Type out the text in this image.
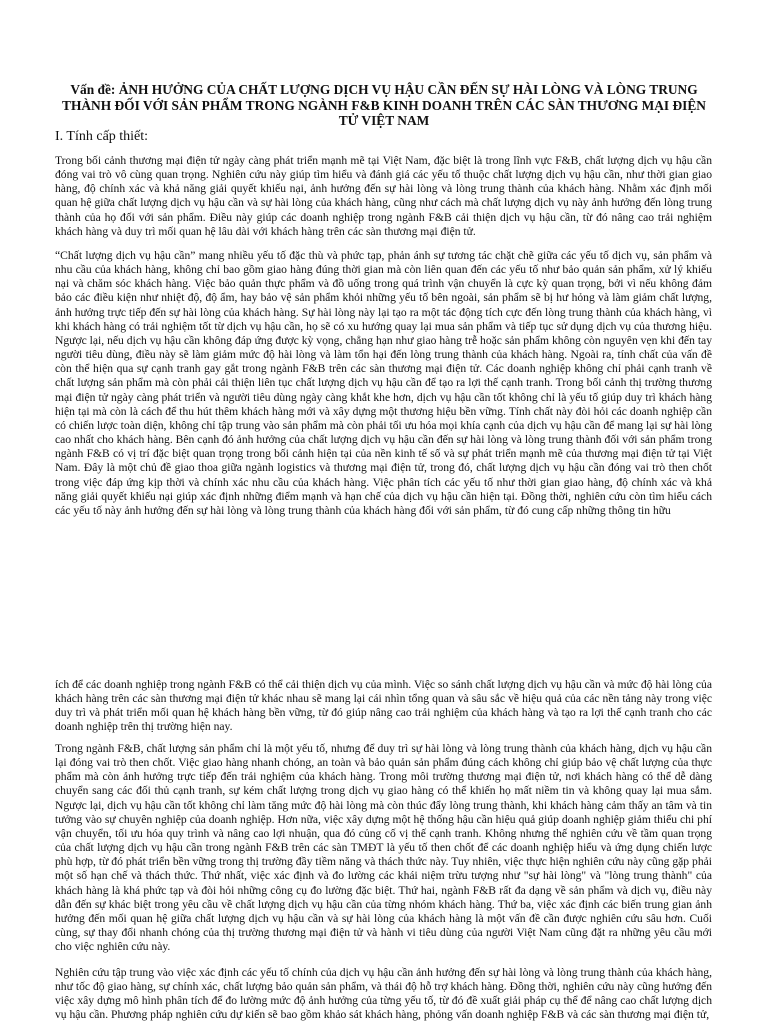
Vấn đề: ẢNH HƯỞNG CỦA CHẤT LƯỢNG DỊCH VỤ HẬU CẦN ĐẾN SỰ HÀI LÒNG VÀ LÒNG TRUNG THÀNH ĐỐI VỚI SẢN PHẨM TRONG NGÀNH F&B KINH DOANH TRÊN CÁC SÀN THƯƠNG MẠI ĐIỆN TỬ VIỆT NAM
I. Tính cấp thiết:

Trong bối cảnh thương mại điện tử ngày càng phát triển mạnh mẽ tại Việt Nam, đặc biệt là trong lĩnh vực F&B, chất lượng dịch vụ hậu cần đóng vai trò vô cùng quan trọng. Nghiên cứu này giúp tìm hiểu và đánh giá các yếu tố thuộc chất lượng dịch vụ hậu cần, như thời gian giao hàng, độ chính xác và khả năng giải quyết khiếu nại, ảnh hưởng đến sự hài lòng và lòng trung thành của khách hàng. Nhằm xác định mối quan hệ giữa chất lượng dịch vụ hậu cần và sự hài lòng của khách hàng, cũng như cách mà chất lượng dịch vụ này ảnh hưởng đến lòng trung thành của họ đối với sản phẩm. Điều này giúp các doanh nghiệp trong ngành F&B cải thiện dịch vụ hậu cần, từ đó nâng cao trải nghiệm khách hàng và duy trì mối quan hệ lâu dài với khách hàng trên các sàn thương mại điện tử.

“Chất lượng dịch vụ hậu cần” mang nhiều yếu tố đặc thù và phức tạp, phản ánh sự tương tác chặt chẽ giữa các yếu tố dịch vụ, sản phẩm và nhu cầu của khách hàng, không chỉ bao gồm giao hàng đúng thời gian mà còn liên quan đến các yếu tố như bảo quản sản phẩm, xử lý khiếu nại và chăm sóc khách hàng. Việc bảo quản thực phẩm và đồ uống trong quá trình vận chuyển là cực kỳ quan trọng, bởi vì nếu không đảm bảo các điều kiện như nhiệt độ, độ ẩm, hay bảo vệ sản phẩm khỏi những yếu tố bên ngoài, sản phẩm sẽ bị hư hỏng và làm giảm chất lượng, ảnh hưởng trực tiếp đến sự hài lòng của khách hàng. Sự hài lòng này lại tạo ra một tác động tích cực đến lòng trung thành của khách hàng, vì khi khách hàng có trải nghiệm tốt từ dịch vụ hậu cần, họ sẽ có xu hướng quay lại mua sản phẩm và tiếp tục sử dụng dịch vụ của thương hiệu. Ngược lại, nếu dịch vụ hậu cần không đáp ứng được kỳ vọng, chẳng hạn như giao hàng trễ hoặc sản phẩm không còn nguyên vẹn khi đến tay người tiêu dùng, điều này sẽ làm giảm mức độ hài lòng và làm tổn hại đến lòng trung thành của khách hàng. Ngoài ra, tính chất của vấn đề còn thể hiện qua sự cạnh tranh gay gắt trong ngành F&B trên các sàn thương mại điện tử. Các doanh nghiệp không chỉ phải cạnh tranh về chất lượng sản phẩm mà còn phải cải thiện liên tục chất lượng dịch vụ hậu cần để tạo ra lợi thế cạnh tranh. Trong bối cảnh thị trường thương mại điện tử ngày càng phát triển và người tiêu dùng ngày càng khắt khe hơn, dịch vụ hậu cần tốt không chỉ là yếu tố giúp duy trì khách hàng hiện tại mà còn là cách để thu hút thêm khách hàng mới và xây dựng một thương hiệu bền vững. Tính chất này đòi hỏi các doanh nghiệp cần có chiến lược toàn diện, không chỉ tập trung vào sản phẩm mà còn phải tối ưu hóa mọi khía cạnh của dịch vụ hậu cần để mang lại sự hài lòng cao nhất cho khách hàng. Bên cạnh đó ảnh hưởng của chất lượng dịch vụ hậu cần đến sự hài lòng và lòng trung thành đối với sản phẩm trong ngành F&B có vị trí đặc biệt quan trọng trong bối cảnh hiện tại của nền kinh tế số và sự phát triển mạnh mẽ của thương mại điện tử tại Việt Nam. Đây là một chủ đề giao thoa giữa ngành logistics và thương mại điện tử, trong đó, chất lượng dịch vụ hậu cần đóng vai trò then chốt trong việc đáp ứng kịp thời và chính xác nhu cầu của khách hàng. Việc phân tích các yếu tố như thời gian giao hàng, độ chính xác và khả năng giải quyết khiếu nại giúp xác định những điểm mạnh và hạn chế của dịch vụ hậu cần hiện tại. Đồng thời, nghiên cứu còn tìm hiểu cách các yếu tố này ảnh hưởng đến sự hài lòng và lòng trung thành của khách hàng đối với sản phẩm, từ đó cung cấp những thông tin hữu

ích để các doanh nghiệp trong ngành F&B có thể cải thiện dịch vụ của mình. Việc so sánh chất lượng dịch vụ hậu cần và mức độ hài lòng của khách hàng trên các sàn thương mại điện tử khác nhau sẽ mang lại cái nhìn tổng quan và sâu sắc về hiệu quả của các nền tảng này trong việc duy trì và phát triển mối quan hệ khách hàng bền vững, từ đó giúp nâng cao trải nghiệm của khách hàng và tạo ra lợi thế cạnh tranh cho các doanh nghiệp trên thị trường hiện nay.

Trong ngành F&B, chất lượng sản phẩm chỉ là một yếu tố, nhưng để duy trì sự hài lòng và lòng trung thành của khách hàng, dịch vụ hậu cần lại đóng vai trò then chốt. Việc giao hàng nhanh chóng, an toàn và bảo quản sản phẩm đúng cách không chỉ giúp bảo vệ chất lượng của thực phẩm mà còn ảnh hưởng trực tiếp đến trải nghiệm của khách hàng. Trong môi trường thương mại điện tử, nơi khách hàng có thể dễ dàng chuyển sang các đối thủ cạnh tranh, sự kém chất lượng trong dịch vụ giao hàng có thể khiến họ mất niềm tin và không quay lại mua sắm. Ngược lại, dịch vụ hậu cần tốt không chỉ làm tăng mức độ hài lòng mà còn thúc đẩy lòng trung thành, khi khách hàng cảm thấy an tâm và tin tưởng vào sự chuyên nghiệp của doanh nghiệp. Hơn nữa, việc xây dựng một hệ thống hậu cần hiệu quả giúp doanh nghiệp giảm thiểu chi phí vận chuyển, tối ưu hóa quy trình và nâng cao lợi nhuận, qua đó củng cố vị thế cạnh tranh. Không nhưng thế nghiên cứu về tầm quan trọng của chất lượng dịch vụ hậu cần trong ngành F&B trên các sàn TMĐT là yếu tố then chốt để các doanh nghiệp hiểu và ứng dụng chiến lược phù hợp, từ đó phát triển bền vững trong thị trường đầy tiềm năng và thách thức này. Tuy nhiên, việc thực hiện nghiên cứu này cũng gặp phải một số hạn chế và thách thức. Thứ nhất, việc xác định và đo lường các khái niệm trừu tượng như "sự hài lòng" và "lòng trung thành" của khách hàng là khá phức tạp và đòi hỏi những công cụ đo lường đặc biệt. Thứ hai, ngành F&B rất đa dạng về sản phẩm và dịch vụ, điều này dẫn đến sự khác biệt trong yêu cầu về chất lượng dịch vụ hậu cần của từng nhóm khách hàng. Thứ ba, việc xác định các biến trung gian ảnh hưởng đến mối quan hệ giữa chất lượng dịch vụ hậu cần và sự hài lòng của khách hàng là một vấn đề cần được nghiên cứu sâu hơn. Cuối cùng, sự thay đổi nhanh chóng của thị trường thương mại điện tử và hành vi tiêu dùng của người Việt Nam cũng đặt ra những yêu cầu mới cho việc nghiên cứu này.

Nghiên cứu tập trung vào việc xác định các yếu tố chính của dịch vụ hậu cần ảnh hưởng đến sự hài lòng và lòng trung thành của khách hàng, như tốc độ giao hàng, sự chính xác, chất lượng bảo quản sản phẩm, và thái độ hỗ trợ khách hàng. Đồng thời, nghiên cứu này cũng hướng đến việc xây dựng mô hình phân tích để đo lường mức độ ảnh hưởng của từng yếu tố, từ đó đề xuất giải pháp cụ thể để nâng cao chất lượng dịch vụ hậu cần. Phương pháp nghiên cứu dự kiến sẽ bao gồm khảo sát khách hàng, phỏng vấn doanh nghiệp F&B và các sàn thương mại điện tử,
